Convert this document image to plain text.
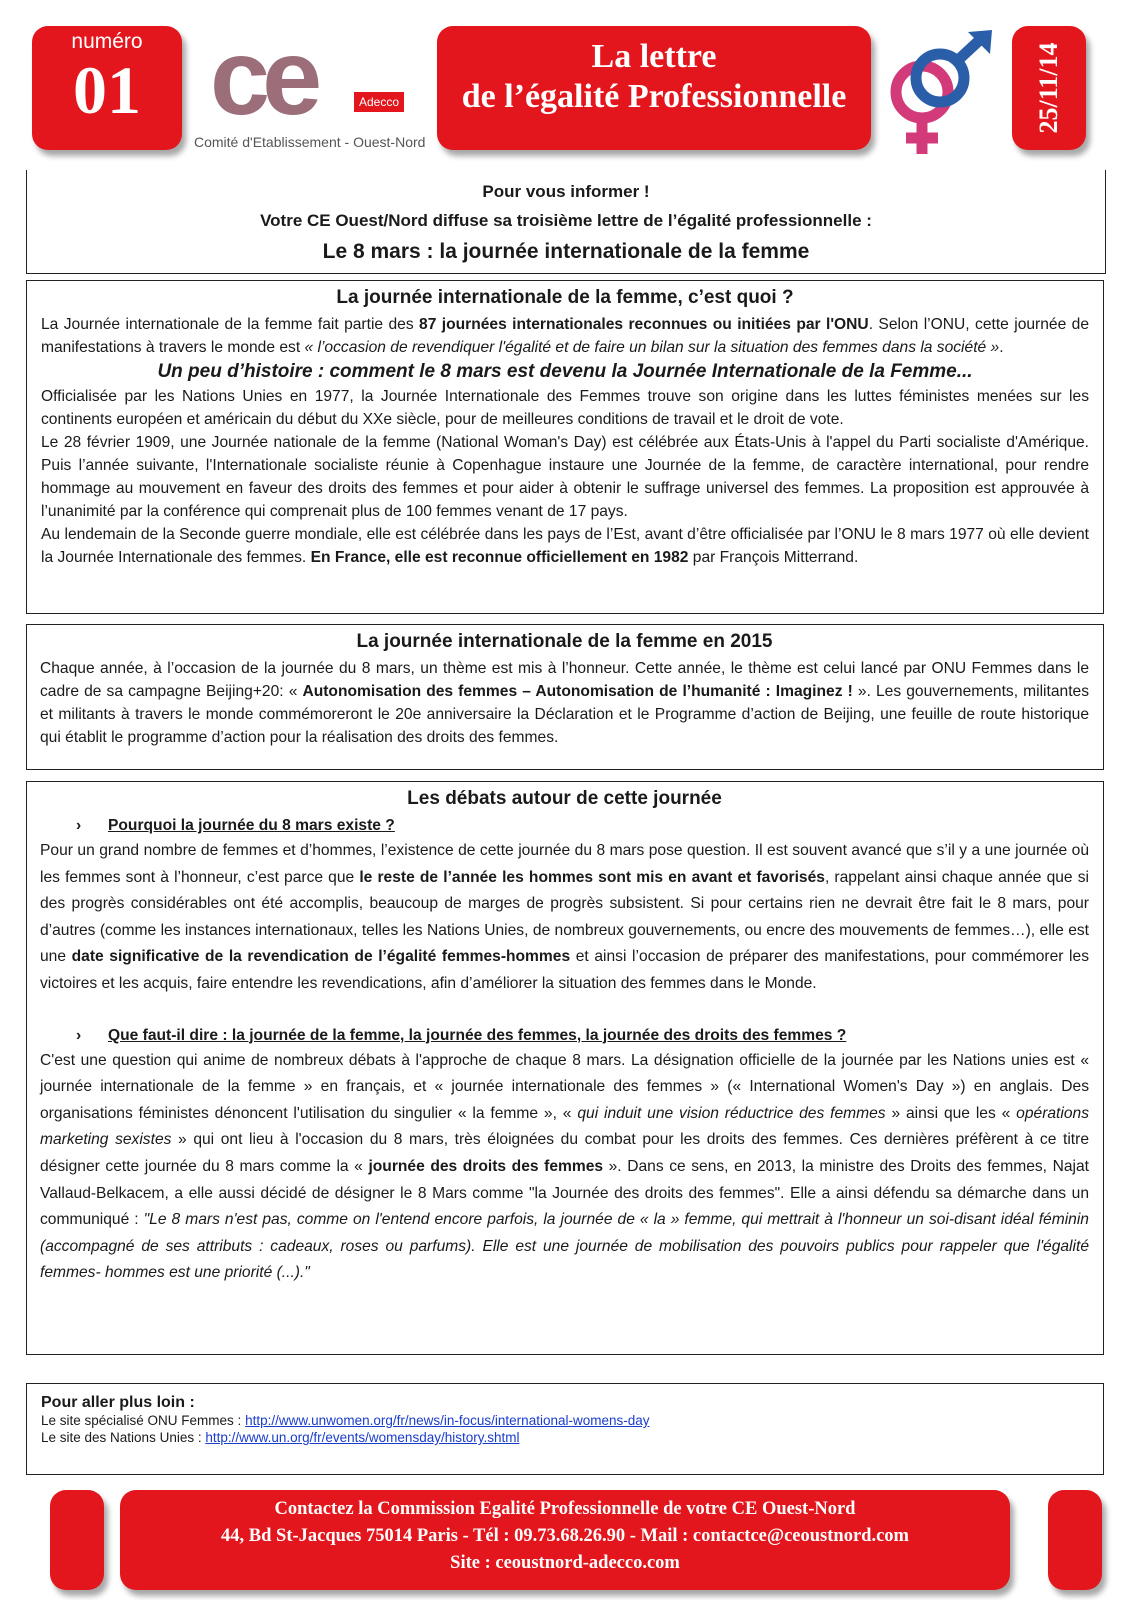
numéro
01 ce	Adecco
Comité d'Etablissement - Ouest-Nord
La lettre
de l’égalité Professionnelle	25/11/14
Pour vous informer !
Votre CE Ouest/Nord diffuse sa troisième lettre de l’égalité professionnelle :
Le 8 mars : la journée internationale de la femme
La journée internationale de la femme, c’est quoi ?

La Journée internationale de la femme fait partie des 87 journées internationales reconnues ou initiées par l'ONU. Selon l’ONU, cette journée de manifestations à travers le monde est « l’occasion de revendiquer l'égalité et de faire un bilan sur la situation des femmes dans la société ».

Un peu d’histoire : comment le 8 mars est devenu la Journée Internationale de la Femme...

Officialisée par les Nations Unies en 1977, la Journée Internationale des Femmes trouve son origine dans les luttes féministes menées sur les continents européen et américain du début du XXe siècle, pour de meilleures conditions de travail et le droit de vote.

Le 28 février 1909, une Journée nationale de la femme (National Woman's Day) est célébrée aux États-Unis à l'appel du Parti socialiste d'Amérique. Puis l’année suivante, l'Internationale socialiste réunie à Copenhague instaure une Journée de la femme, de caractère international, pour rendre hommage au mouvement en faveur des droits des femmes et pour aider à obtenir le suffrage universel des femmes. La proposition est approuvée à l’unanimité par la conférence qui comprenait plus de 100 femmes venant de 17 pays.

Au lendemain de la Seconde guerre mondiale, elle est célébrée dans les pays de l’Est, avant d’être officialisée par l’ONU le 8 mars 1977 où elle devient la Journée Internationale des femmes. En France, elle est reconnue officiellement en 1982 par François Mitterrand.

La journée internationale de la femme en 2015

Chaque année, à l’occasion de la journée du 8 mars, un thème est mis à l’honneur. Cette année, le thème est celui lancé par ONU Femmes dans le cadre de sa campagne Beijing+20: « Autonomisation des femmes – Autonomisation de l’humanité : Imaginez ! ». Les gouvernements, militantes et militants à travers le monde commémoreront le 20e anniversaire la Déclaration et le Programme d’action de Beijing, une feuille de route historique qui établit le programme d’action pour la réalisation des droits des femmes.

Les débats autour de cette journée
› Pourquoi la journée du 8 mars existe ?

Pour un grand nombre de femmes et d’hommes, l’existence de cette journée du 8 mars pose question. Il est souvent avancé que s’il y a une journée où les femmes sont à l’honneur, c’est parce que le reste de l’année les hommes sont mis en avant et favorisés, rappelant ainsi chaque année que si des progrès considérables ont été accomplis, beaucoup de marges de progrès subsistent. Si pour certains rien ne devrait être fait le 8 mars, pour d’autres (comme les instances internationaux, telles les Nations Unies, de nombreux gouvernements, ou encre des mouvements de femmes…), elle est une date significative de la revendication de l’égalité femmes-hommes et ainsi l’occasion de préparer des manifestations, pour commémorer les victoires et les acquis, faire entendre les revendications, afin d’améliorer la situation des femmes dans le Monde.

› Que faut-il dire : la journée de la femme, la journée des femmes, la journée des droits des femmes ?

C'est une question qui anime de nombreux débats à l'approche de chaque 8 mars. La désignation officielle de la journée par les Nations unies est « journée internationale de la femme » en français, et « journée internationale des femmes » (« International Women's Day ») en anglais. Des organisations féministes dénoncent l'utilisation du singulier « la femme », « qui induit une vision réductrice des femmes » ainsi que les « opérations marketing sexistes » qui ont lieu à l'occasion du 8 mars, très éloignées du combat pour les droits des femmes. Ces dernières préfèrent à ce titre désigner cette journée du 8 mars comme la « journée des droits des femmes ». Dans ce sens, en 2013, la ministre des Droits des femmes, Najat Vallaud-Belkacem, a elle aussi décidé de désigner le 8 Mars comme "la Journée des droits des femmes". Elle a ainsi défendu sa démarche dans un communiqué : "Le 8 mars n'est pas, comme on l'entend encore parfois, la journée de « la » femme, qui mettrait à l'honneur un soi-disant idéal féminin (accompagné de ses attributs : cadeaux, roses ou parfums). Elle est une journée de mobilisation des pouvoirs publics pour rappeler que l'égalité femmes- hommes est une priorité (...)."

Pour aller plus loin :
Le site spécialisé ONU Femmes : http://www.unwomen.org/fr/news/in-focus/international-womens-day
Le site des Nations Unies : http://www.un.org/fr/events/womensday/history.shtml
Contactez la Commission Egalité Professionnelle de votre CE Ouest-Nord
44, Bd St-Jacques 75014 Paris - Tél : 09.73.68.26.90 - Mail : contactce@ceoustnord.com
Site : ceoustnord-adecco.com
